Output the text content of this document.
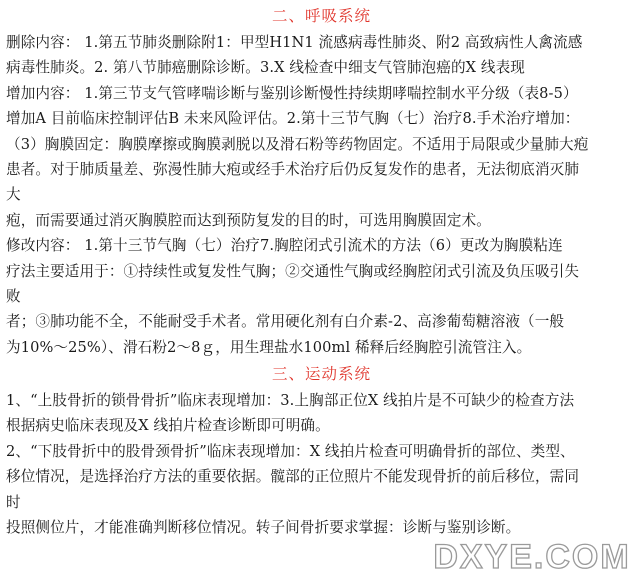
二、呼吸系统

删除内容： 1.第五节肺炎删除附1：甲型H1N1 流感病毒性肺炎、附2 高致病性人禽流感

病毒性肺炎。2. 第八节肺癌删除诊断。3.X 线检查中细支气管肺泡癌的X 线表现

增加内容： 1.第三节支气管哮喘诊断与鉴别诊断慢性持续期哮喘控制水平分级（表8-5）

增加A 目前临床控制评估B 未来风险评估。2.第十三节气胸（七）治疗8.手术治疗增加：

（3）胸膜固定：胸膜摩擦或胸膜剥脱以及滑石粉等药物固定。不适用于局限或少量肺大疱

患者。对于肺质量差、弥漫性肺大疱或经手术治疗后仍反复发作的患者，无法彻底消灭肺

大

疱，而需要通过消灭胸膜腔而达到预防复发的目的时，可选用胸膜固定术。

修改内容： 1.第十三节气胸（七）治疗7.胸腔闭式引流术的方法（6）更改为胸膜粘连

疗法主要适用于：①持续性或复发性气胸；②交通性气胸或经胸腔闭式引流及负压吸引失

败

者；③肺功能不全，不能耐受手术者。常用硬化剂有白介素-2、高渗葡萄糖溶液（一般

为10%～25%）、滑石粉2～8ｇ，用生理盐水100ml 稀释后经胸腔引流管注入。

三、运动系统

1、“上肢骨折的锁骨骨折”临床表现增加：3.上胸部正位X 线拍片是不可缺少的检查方法

根据病史临床表现及X 线拍片检查诊断即可明确。

2、“下肢骨折中的股骨颈骨折”临床表现增加：X 线拍片检查可明确骨折的部位、类型、

移位情况，是选择治疗方法的重要依据。髋部的正位照片不能发现骨折的前后移位，需同

时

投照侧位片，才能准确判断移位情况。转子间骨折要求掌握：诊断与鉴别诊断。

DXYE.COM
